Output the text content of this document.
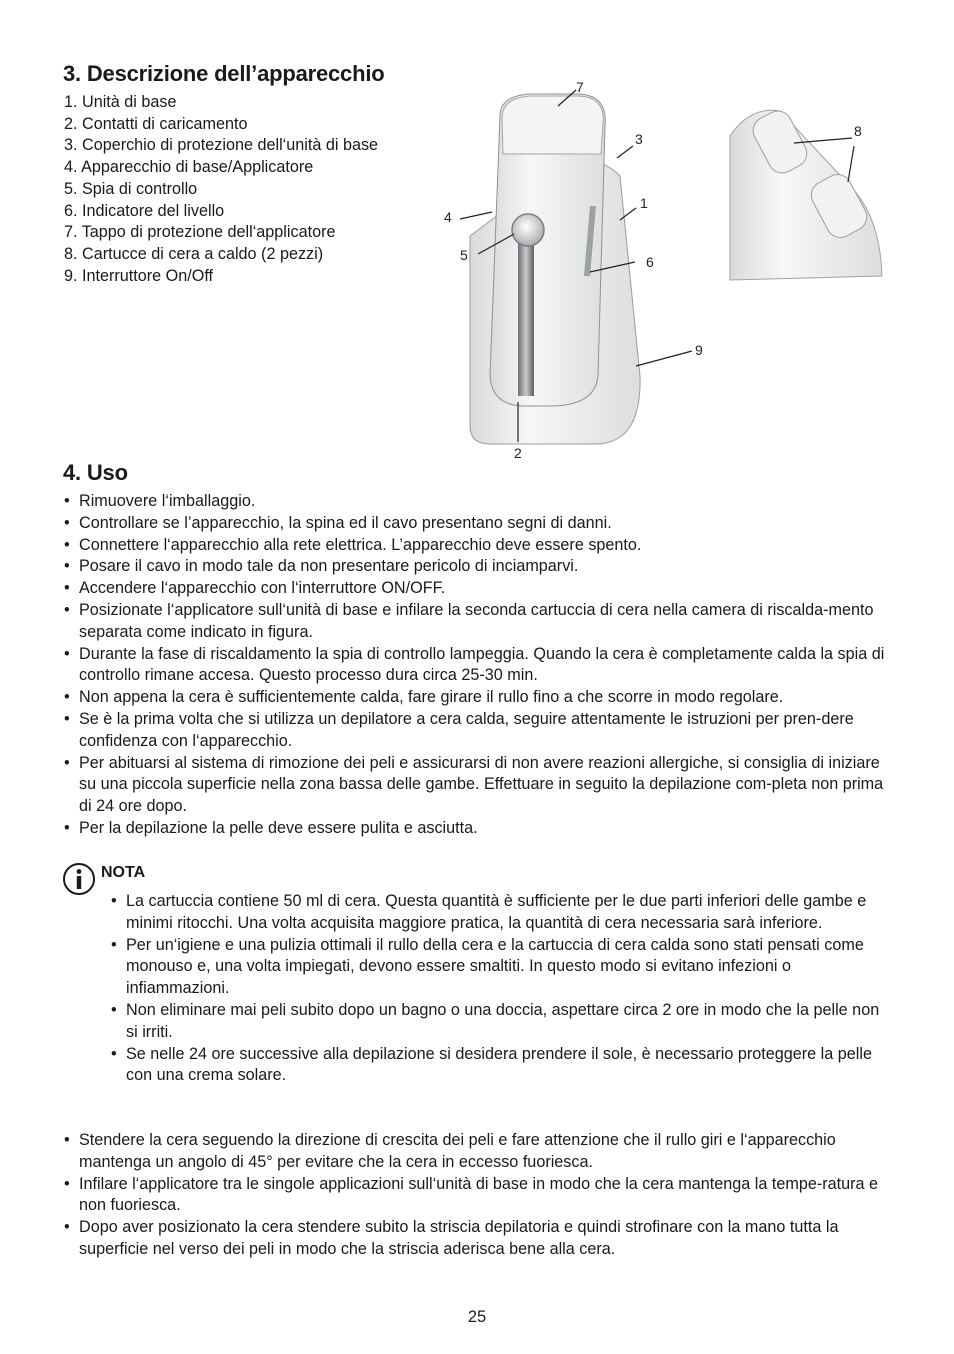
3. Descrizione dell’apparecchio
1. Unità di base
2. Contatti di caricamento
3. Coperchio di protezione dell‘unità di base
4. Apparecchio di base/Applicatore
5. Spia di controllo
6. Indicatore del livello
7. Tappo di protezione dell‘applicatore
8. Cartucce di cera a caldo (2 pezzi)
9. Interruttore On/Off
7
3
1
4
5	6
9
2
8
4. Uso
• Rimuovere l‘imballaggio.
• Controllare se l’apparecchio, la spina ed il cavo presentano segni di danni.
• Connettere l‘apparecchio alla rete elettrica. L’apparecchio deve essere spento.
• Posare il cavo in modo tale da non presentare pericolo di inciamparvi.
• Accendere l‘apparecchio con l‘interruttore ON/OFF.
• Posizionate l‘applicatore sull‘unità di base e infilare la seconda cartuccia di cera nella camera di riscalda-mento separata come indicato in figura.
• Durante la fase di riscaldamento la spia di controllo lampeggia. Quando la cera è completamente calda la spia di controllo rimane accesa. Questo processo dura circa 25-30 min.
• Non appena la cera è sufficientemente calda, fare girare il rullo fino a che scorre in modo regolare.
• Se è la prima volta che si utilizza un depilatore a cera calda, seguire attentamente le istruzioni per pren-dere confidenza con l‘apparecchio.
• Per abituarsi al sistema di rimozione dei peli e assicurarsi di non avere reazioni allergiche, si consiglia di iniziare su una piccola superficie nella zona bassa delle gambe. Effettuare in seguito la depilazione com-pleta non prima di 24 ore dopo.
• Per la depilazione la pelle deve essere pulita e asciutta.
NOTA
• La cartuccia contiene 50 ml di cera. Questa quantità è sufficiente per le due parti inferiori delle gambe e minimi ritocchi. Una volta acquisita maggiore pratica, la quantità di cera necessaria sarà inferiore.
• Per un‘igiene e una pulizia ottimali il rullo della cera e la cartuccia di cera calda sono stati pensati come monouso e, una volta impiegati, devono essere smaltiti. In questo modo si evitano infezioni o infiammazioni.
• Non eliminare mai peli subito dopo un bagno o una doccia, aspettare circa 2 ore in modo che la pelle non si irriti.
• Se nelle 24 ore successive alla depilazione si desidera prendere il sole, è necessario proteggere la pelle con una crema solare.
• Stendere la cera seguendo la direzione di crescita dei peli e fare attenzione che il rullo giri e l‘apparecchio mantenga un angolo di 45° per evitare che la cera in eccesso fuoriesca.
• Infilare l‘applicatore tra le singole applicazioni sull‘unità di base in modo che la cera mantenga la tempe-ratura e non fuoriesca.
• Dopo aver posizionato la cera stendere subito la striscia depilatoria e quindi strofinare con la mano tutta la superficie nel verso dei peli in modo che la striscia aderisca bene alla cera.
25
